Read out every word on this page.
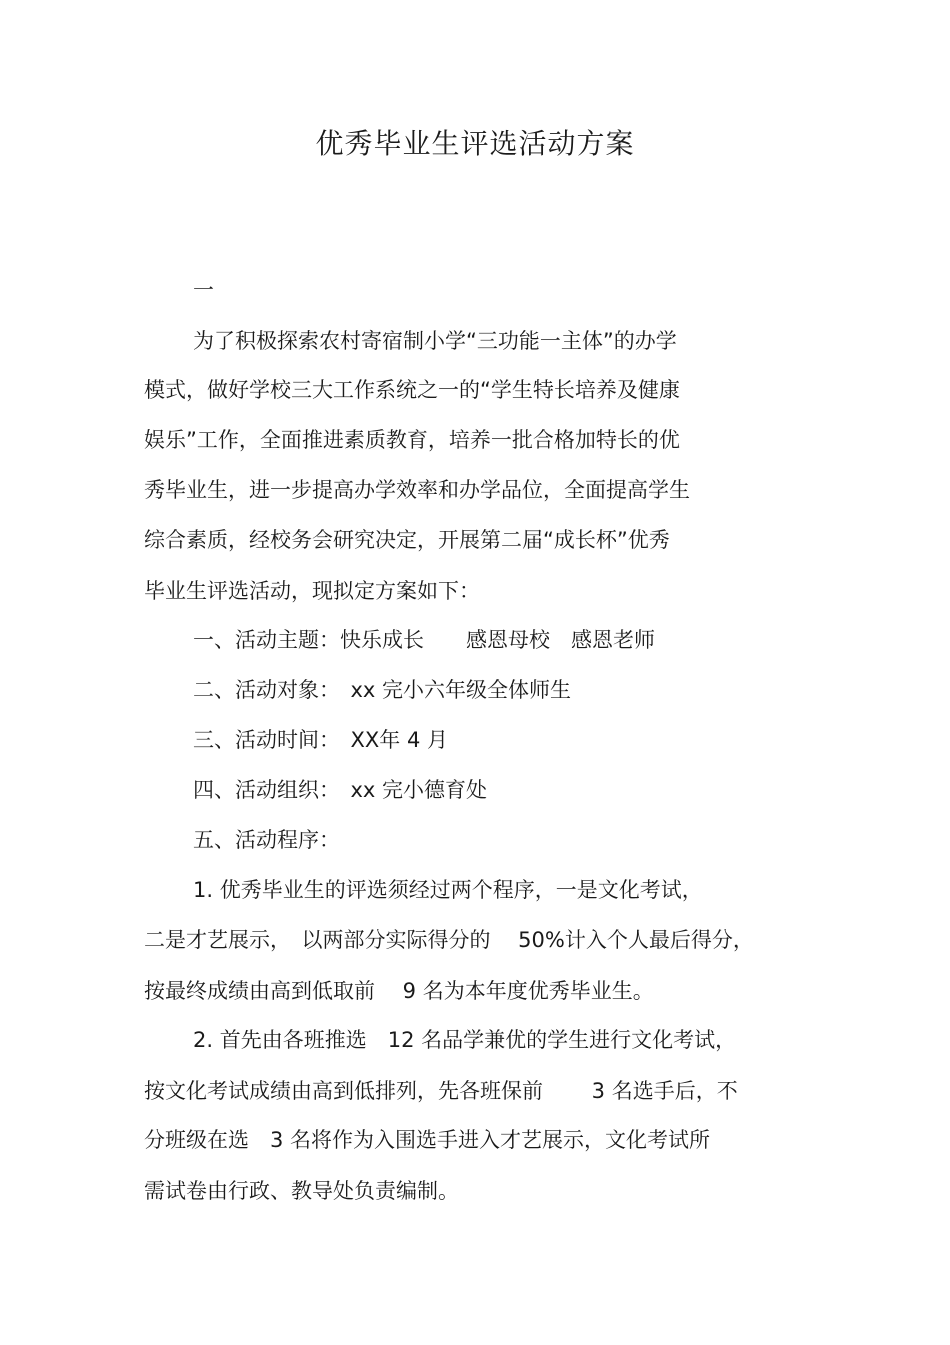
优秀毕业生评选活动方案

一

为了积极探索农村寄宿制小学“三功能一主体”的办学

模式，做好学校三大工作系统之一的“学生特长培养及健康

娱乐”工作，全面推进素质教育，培养一批合格加特长的优

秀毕业生，进一步提高办学效率和办学品位，全面提高学生

综合素质，经校务会研究决定，开展第二届“成长杯”优秀

毕业生评选活动，现拟定方案如下：

一、活动主题：快乐成长　　感恩母校　感恩老师

二、活动对象：　xx 完小六年级全体师生

三、活动时间：　XX年 4 月

四、活动组织：　xx 完小德育处

五、活动程序：

1. 优秀毕业生的评选须经过两个程序，一是文化考试，

二是才艺展示，　以两部分实际得分的　 50%计入个人最后得分，

按最终成绩由高到低取前　 9 名为本年度优秀毕业生。

2. 首先由各班推选　12 名品学兼优的学生进行文化考试，

按文化考试成绩由高到低排列，先各班保前　　 3 名选手后，不

分班级在选　3 名将作为入围选手进入才艺展示，文化考试所

需试卷由行政、教导处负责编制。
